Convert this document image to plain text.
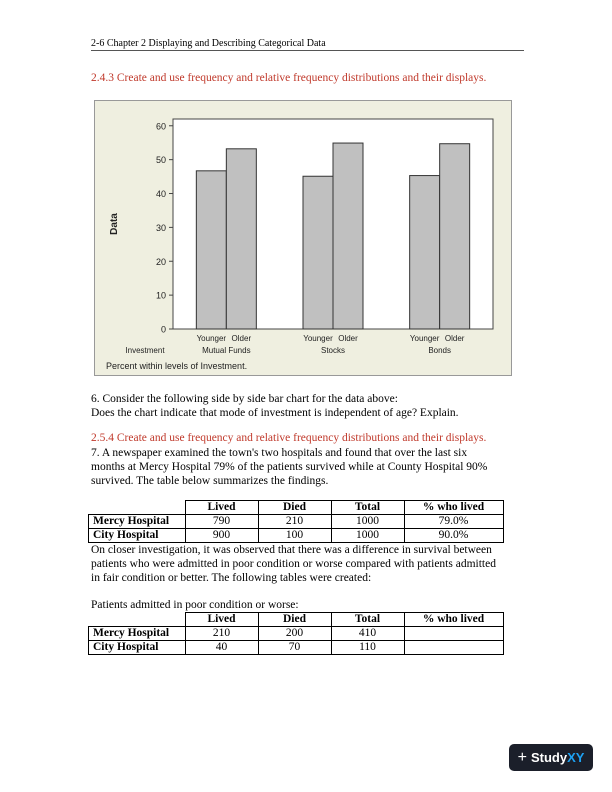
2-6 Chapter 2 Displaying and Describing Categorical Data
2.4.3 Create and use frequency and relative frequency distributions and their displays.
0
10
20
30
40
50
60
Data
Younger Older
Mutual Funds
Younger Older
Stocks
Younger Older
Bonds
Investment
Percent within levels of Investment.

6. Consider the following side by side bar chart for the data above:

Does the chart indicate that mode of investment is independent of age? Explain.

2.5.4 Create and use frequency and relative frequency distributions and their displays.

7. A newspaper examined the town's two hospitals and found that over the last six

months at Mercy Hospital 79% of the patients survived while at County Hospital 90%

survived. The table below summarizes the findings.

	Lived	Died	Total	% who lived
Mercy Hospital	790	210	1000	79.0%
City Hospital	900	100	1000	90.0%

On closer investigation, it was observed that there was a difference in survival between

patients who were admitted in poor condition or worse compared with patients admitted

in fair condition or better. The following tables were created:

Patients admitted in poor condition or worse:
	Lived	Died	Total	% who lived
Mercy Hospital	210	200	410	
City Hospital	40	70	110	
+ StudyXY
